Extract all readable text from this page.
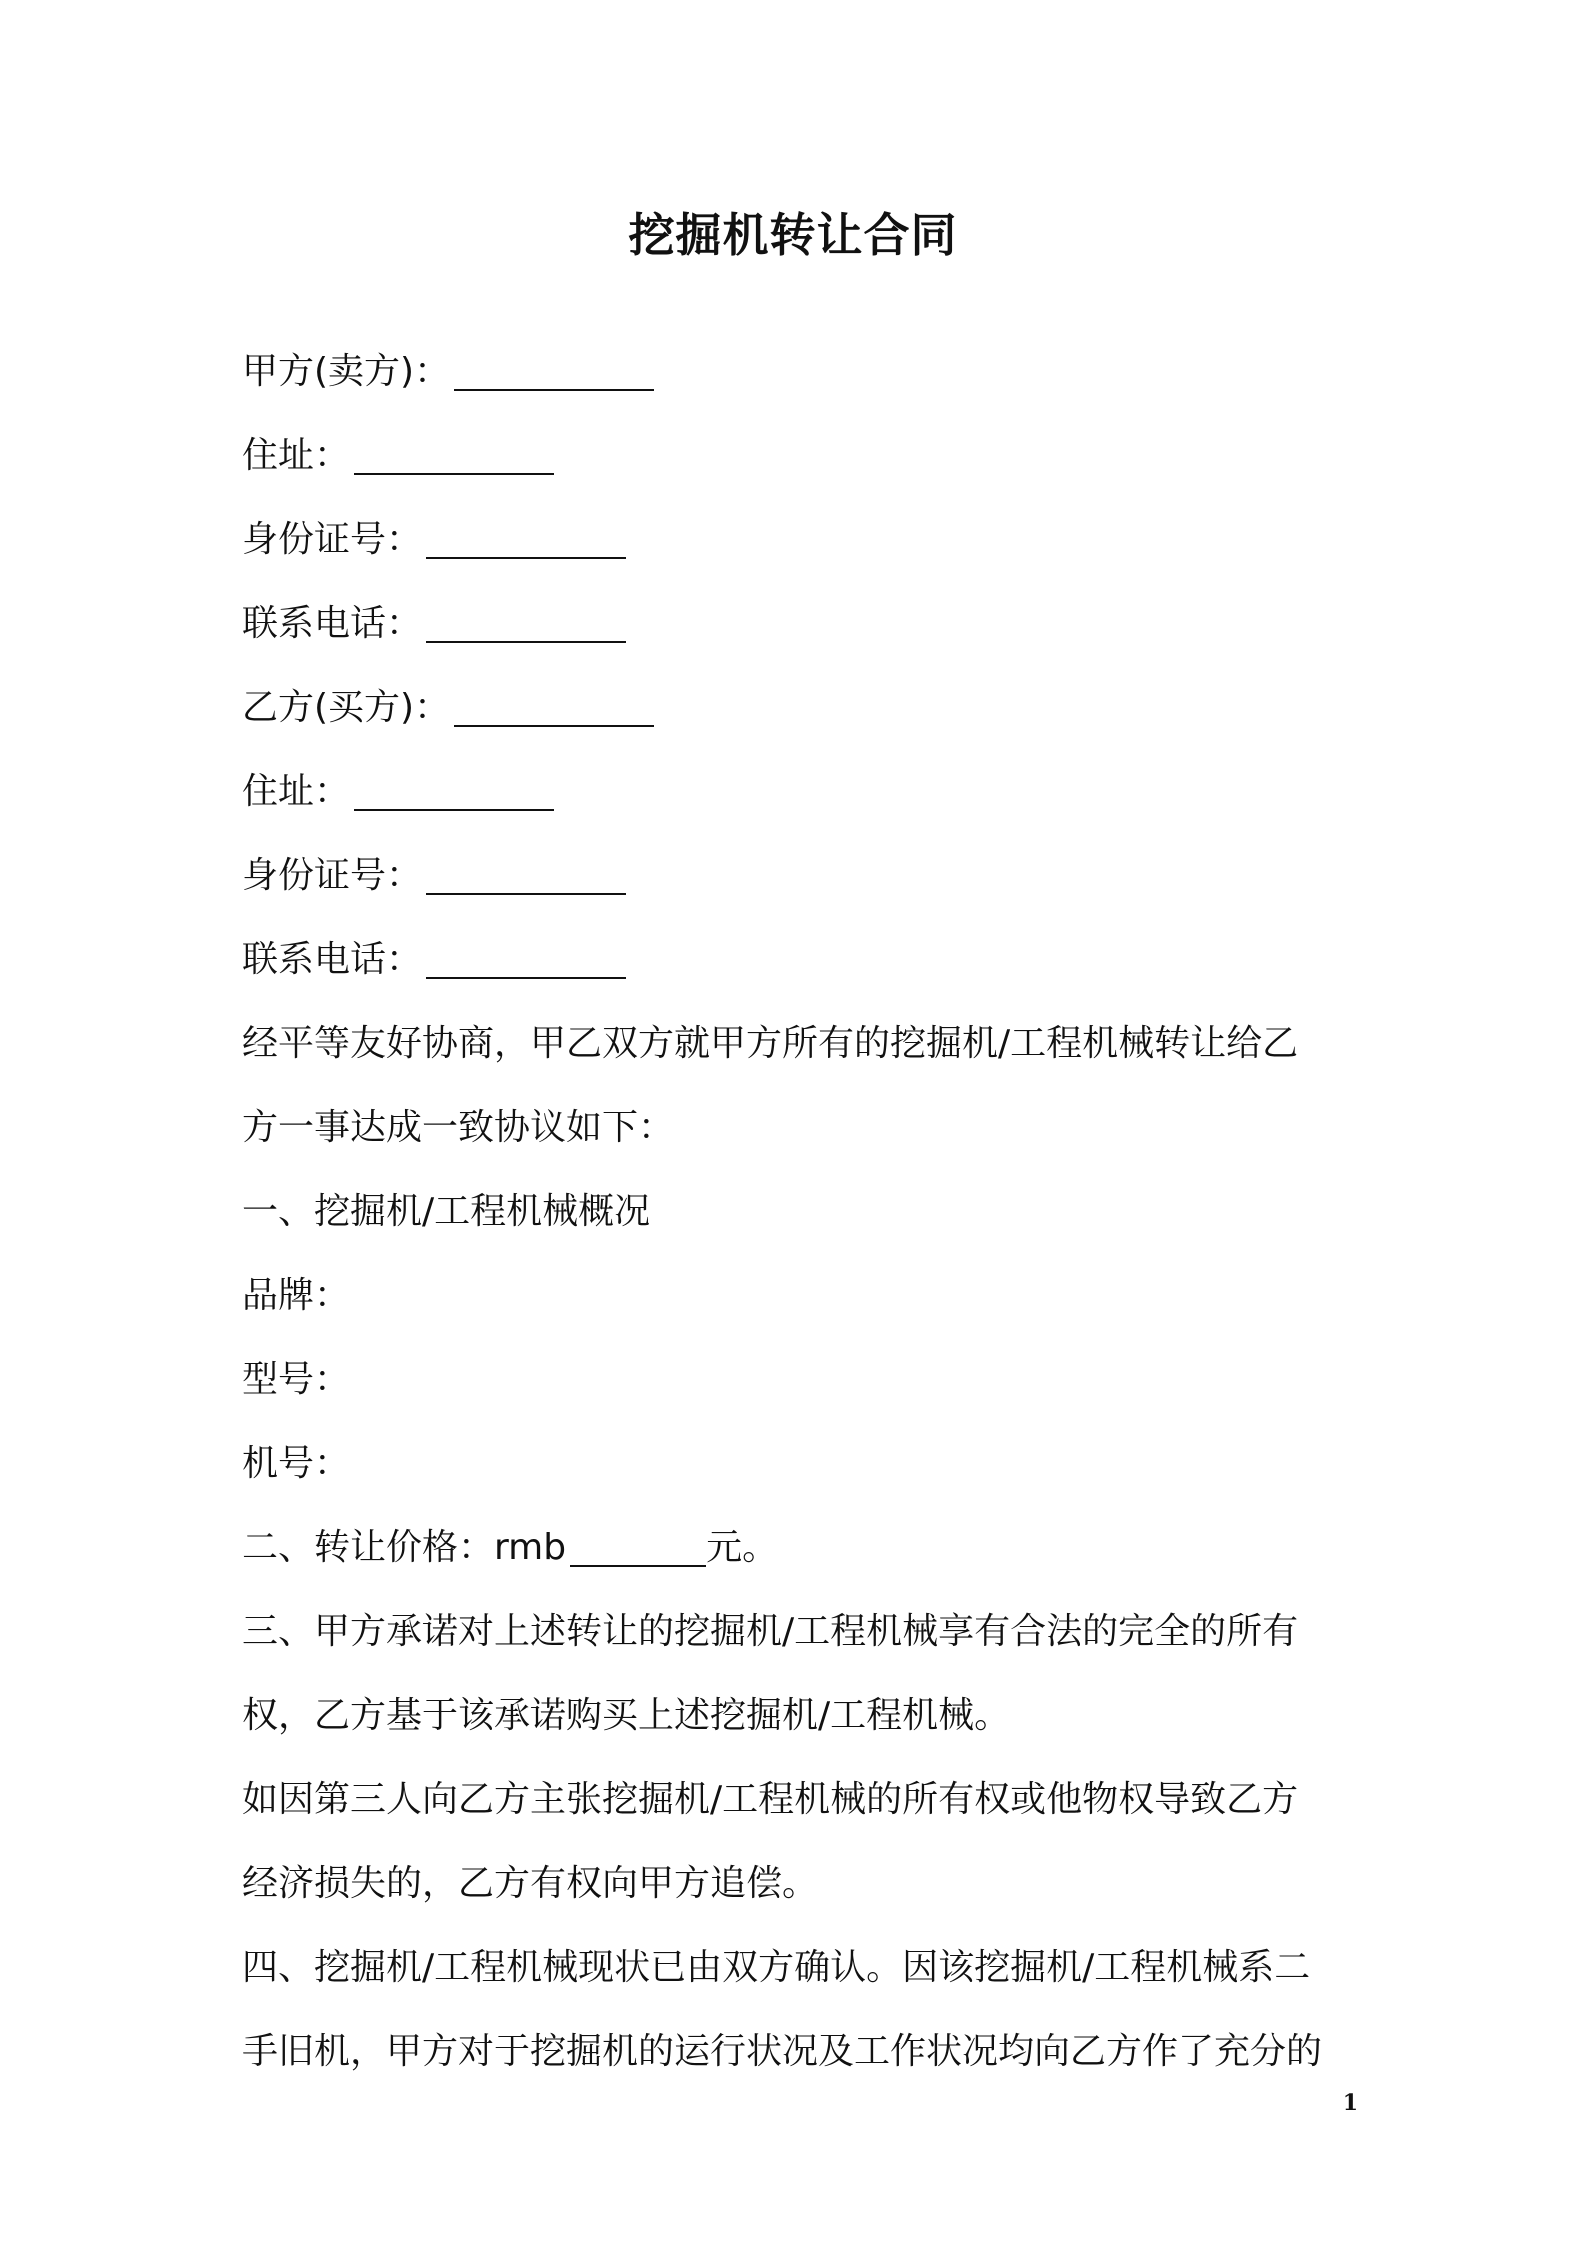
挖掘机转让合同
甲方(卖方)：
住址：
身份证号：
联系电话：
乙方(买方)：
住址：
身份证号：
联系电话：
经平等友好协商，甲乙双方就甲方所有的挖掘机/工程机械转让给乙
方一事达成一致协议如下：
一、挖掘机/工程机械概况
品牌：
型号：
机号：
二、转让价格：rmb	元。
三、甲方承诺对上述转让的挖掘机/工程机械享有合法的完全的所有
权，乙方基于该承诺购买上述挖掘机/工程机械。
如因第三人向乙方主张挖掘机/工程机械的所有权或他物权导致乙方
经济损失的，乙方有权向甲方追偿。
四、挖掘机/工程机械现状已由双方确认。因该挖掘机/工程机械系二
手旧机，甲方对于挖掘机的运行状况及工作状况均向乙方作了充分的
1
